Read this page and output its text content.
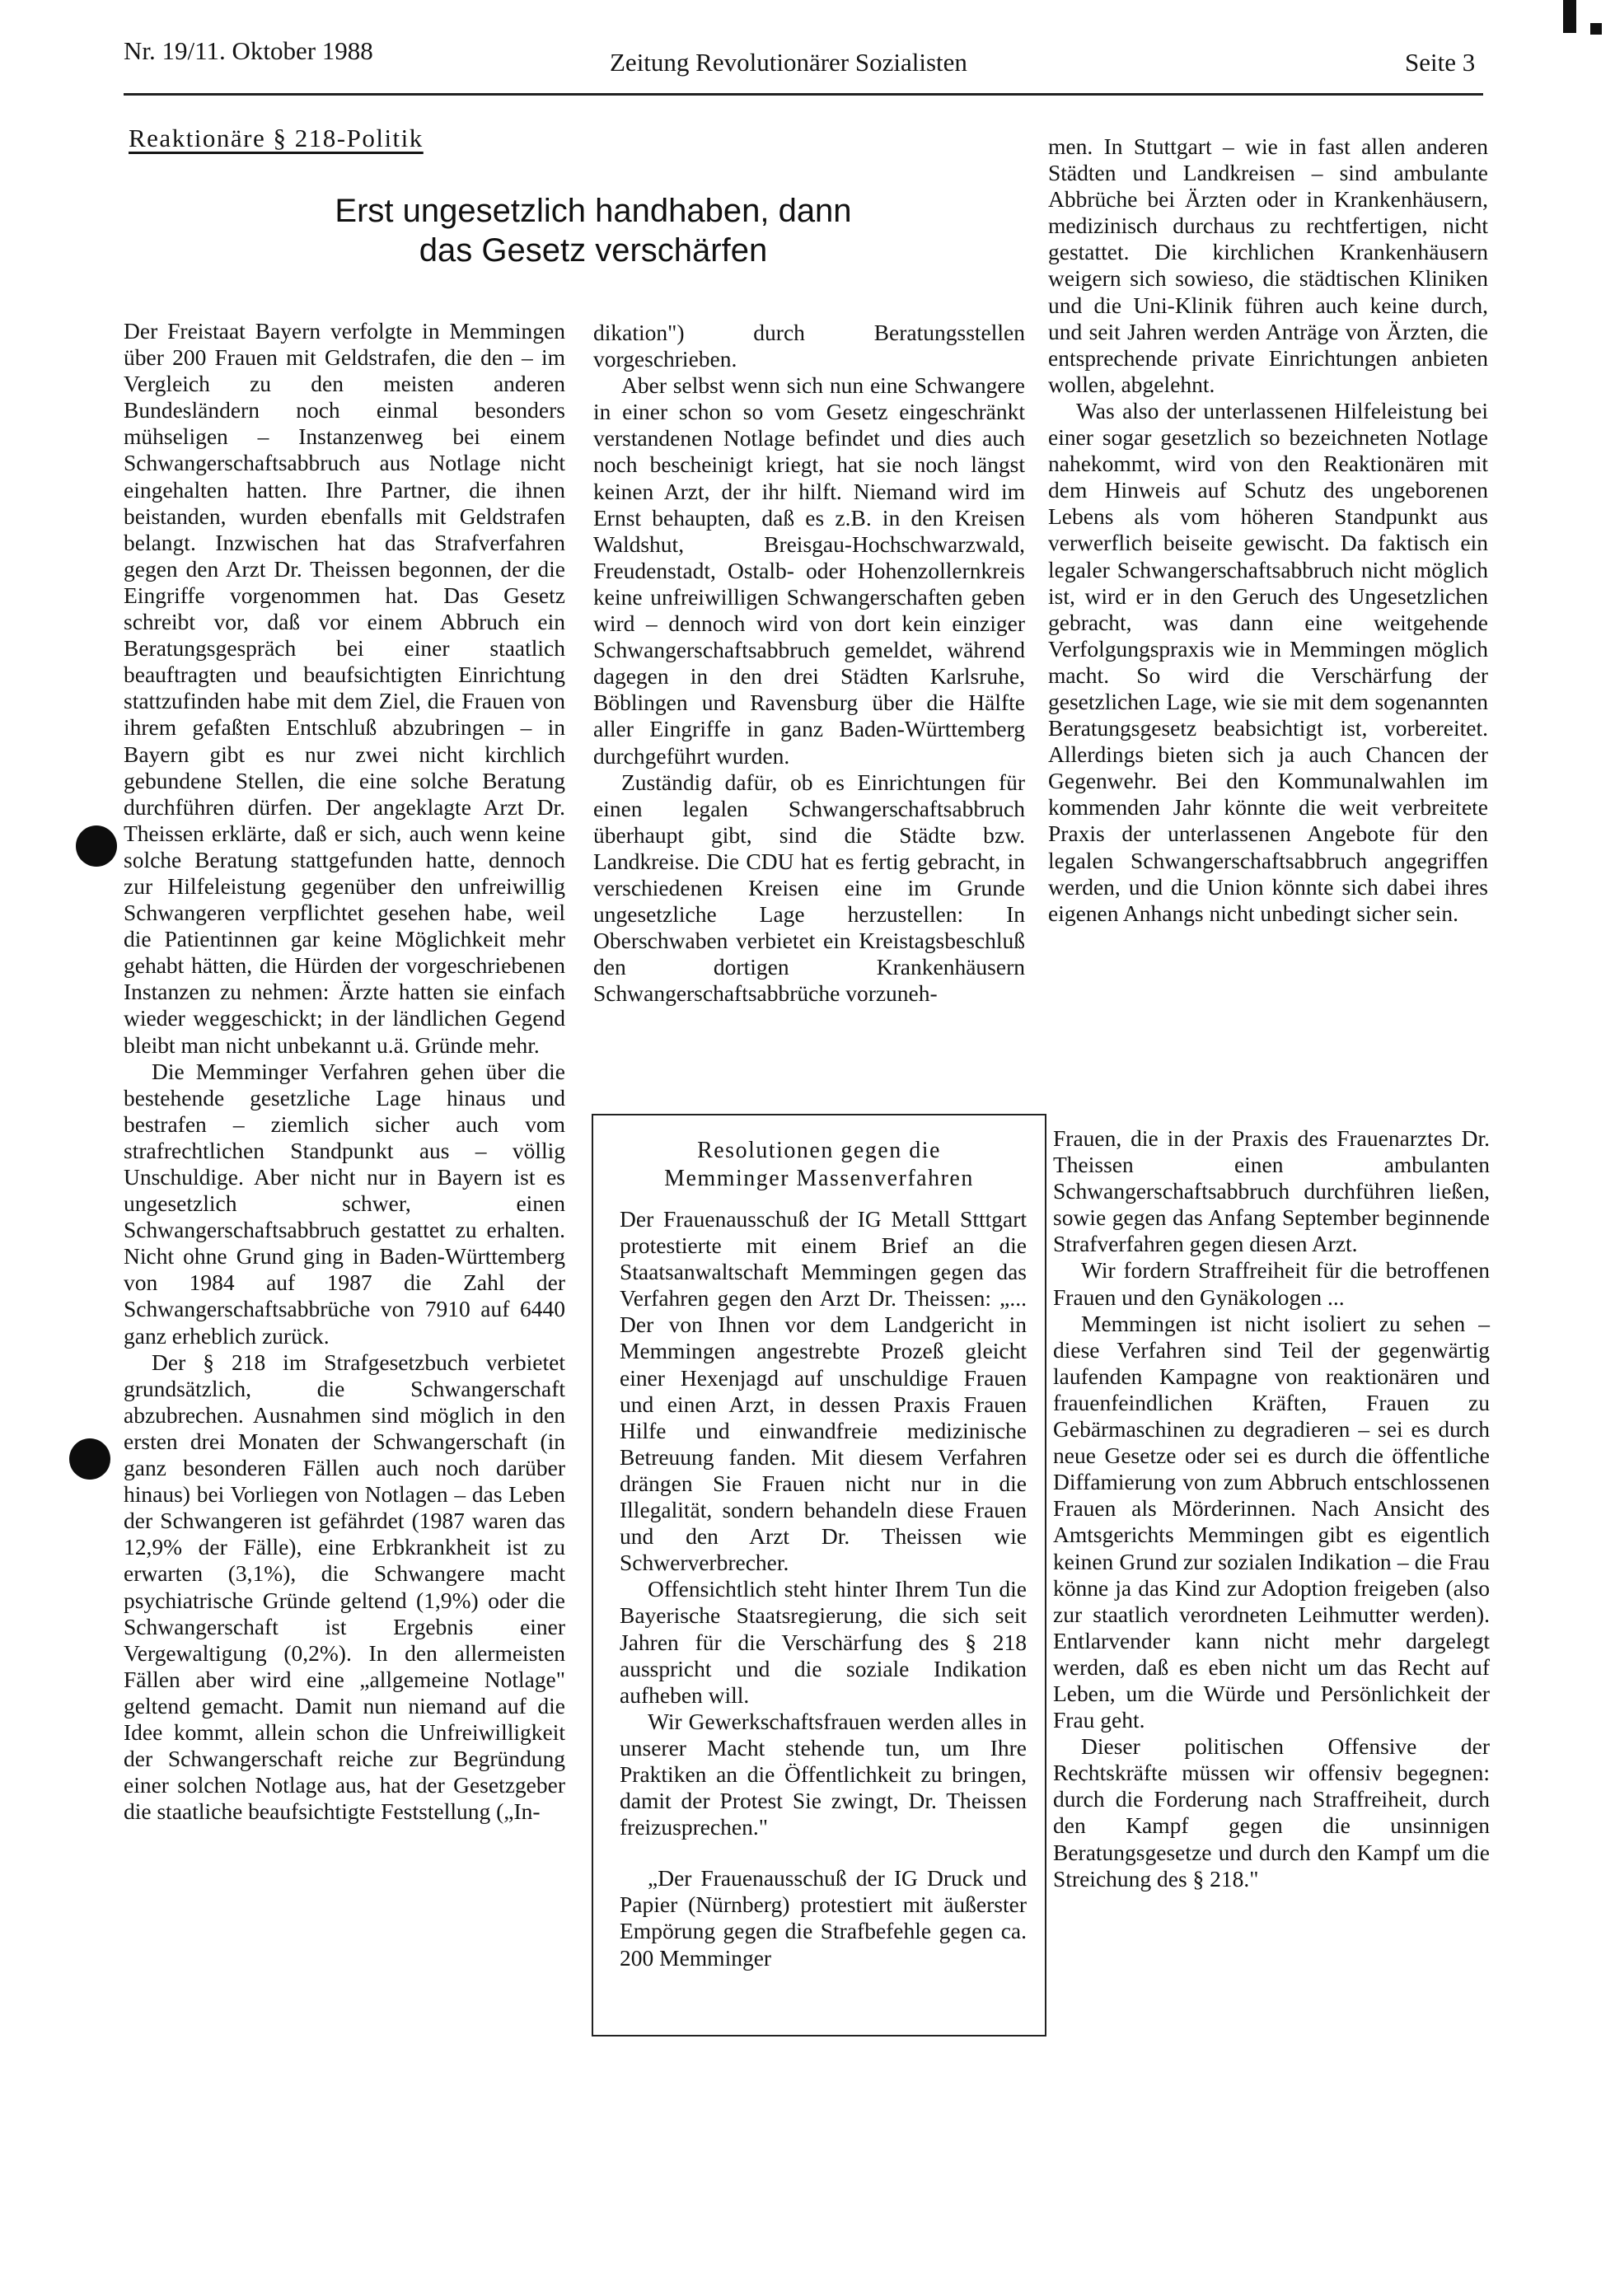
Nr. 19/11. Oktober 1988	Zeitung Revolutionärer Sozialisten	Seite 3
Reaktionäre § 218-Politik
Erst ungesetzlich handhaben, dann das Gesetz verschärfen

Der Freistaat Bayern verfolgte in Memmingen über 200 Frauen mit Geldstrafen, die den – im Vergleich zu den meisten anderen Bundesländern noch einmal besonders mühseligen – Instanzenweg bei einem Schwangerschaftsabbruch aus Notlage nicht eingehalten hatten. Ihre Partner, die ihnen beistanden, wurden ebenfalls mit Geldstrafen belangt. Inzwischen hat das Strafverfahren gegen den Arzt Dr. Theissen begonnen, der die Eingriffe vorgenommen hat. Das Gesetz schreibt vor, daß vor einem Abbruch ein Beratungsgespräch bei einer staatlich beauftragten und beaufsichtigten Einrichtung stattzufinden habe mit dem Ziel, die Frauen von ihrem gefaßten Entschluß abzubringen – in Bayern gibt es nur zwei nicht kirchlich gebundene Stellen, die eine solche Beratung durchführen dürfen. Der angeklagte Arzt Dr. Theissen erklärte, daß er sich, auch wenn keine solche Beratung stattgefunden hatte, dennoch zur Hilfeleistung gegenüber den unfreiwillig Schwangeren verpflichtet gesehen habe, weil die Patientinnen gar keine Möglichkeit mehr gehabt hätten, die Hürden der vorgeschriebenen Instanzen zu nehmen: Ärzte hatten sie einfach wieder weggeschickt; in der ländlichen Gegend bleibt man nicht unbekannt u.ä. Gründe mehr.

Die Memminger Verfahren gehen über die bestehende gesetzliche Lage hinaus und bestrafen – ziemlich sicher auch vom strafrechtlichen Standpunkt aus – völlig Unschuldige. Aber nicht nur in Bayern ist es ungesetzlich schwer, einen Schwangerschaftsabbruch gestattet zu erhalten. Nicht ohne Grund ging in Baden-Württemberg von 1984 auf 1987 die Zahl der Schwangerschaftsabbrüche von 7910 auf 6440 ganz erheblich zurück.

Der § 218 im Strafgesetzbuch verbietet grundsätzlich, die Schwangerschaft abzubrechen. Ausnahmen sind möglich in den ersten drei Monaten der Schwangerschaft (in ganz besonderen Fällen auch noch darüber hinaus) bei Vorliegen von Notlagen – das Leben der Schwangeren ist gefährdet (1987 waren das 12,9% der Fälle), eine Erbkrankheit ist zu erwarten (3,1%), die Schwangere macht psychiatrische Gründe geltend (1,9%) oder die Schwangerschaft ist Ergebnis einer Vergewaltigung (0,2%). In den allermeisten Fällen aber wird eine „allgemeine Notlage" geltend gemacht. Damit nun niemand auf die Idee kommt, allein schon die Unfreiwilligkeit der Schwangerschaft reiche zur Begründung einer solchen Notlage aus, hat der Gesetzgeber die staatliche beaufsichtigte Feststellung („In-

dikation") durch Beratungsstellen vorgeschrieben.

Aber selbst wenn sich nun eine Schwangere in einer schon so vom Gesetz eingeschränkt verstandenen Notlage befindet und dies auch noch bescheinigt kriegt, hat sie noch längst keinen Arzt, der ihr hilft. Niemand wird im Ernst behaupten, daß es z.B. in den Kreisen Waldshut, Breisgau-Hochschwarzwald, Freudenstadt, Ostalb- oder Hohenzollernkreis keine unfreiwilligen Schwangerschaften geben wird – dennoch wird von dort kein einziger Schwangerschaftsabbruch gemeldet, während dagegen in den drei Städten Karlsruhe, Böblingen und Ravensburg über die Hälfte aller Eingriffe in ganz Baden-Württemberg durchgeführt wurden.

Zuständig dafür, ob es Einrichtungen für einen legalen Schwangerschaftsabbruch überhaupt gibt, sind die Städte bzw. Landkreise. Die CDU hat es fertig gebracht, in verschiedenen Kreisen eine im Grunde ungesetzliche Lage herzustellen: In Oberschwaben verbietet ein Kreistagsbeschluß den dortigen Krankenhäusern Schwangerschaftsabbrüche vorzuneh-

men. In Stuttgart – wie in fast allen anderen Städten und Landkreisen – sind ambulante Abbrüche bei Ärzten oder in Krankenhäusern, medizinisch durchaus zu rechtfertigen, nicht gestattet. Die kirchlichen Krankenhäusern weigern sich sowieso, die städtischen Kliniken und die Uni-Klinik führen auch keine durch, und seit Jahren werden Anträge von Ärzten, die entsprechende private Einrichtungen anbieten wollen, abgelehnt.

Was also der unterlassenen Hilfeleistung bei einer sogar gesetzlich so bezeichneten Notlage nahekommt, wird von den Reaktionären mit dem Hinweis auf Schutz des ungeborenen Lebens als vom höheren Standpunkt aus verwerflich beiseite gewischt. Da faktisch ein legaler Schwangerschaftsabbruch nicht möglich ist, wird er in den Geruch des Ungesetzlichen gebracht, was dann eine weitgehende Verfolgungspraxis wie in Memmingen möglich macht. So wird die Verschärfung der gesetzlichen Lage, wie sie mit dem sogenannten Beratungsgesetz beabsichtigt ist, vorbereitet. Allerdings bieten sich ja auch Chancen der Gegenwehr. Bei den Kommunalwahlen im kommenden Jahr könnte die weit verbreitete Praxis der unterlassenen Angebote für den legalen Schwangerschaftsabbruch angegriffen werden, und die Union könnte sich dabei ihres eigenen Anhangs nicht unbedingt sicher sein.

Resolutionen gegen die
Memminger Massenverfahren

Der Frauenausschuß der IG Metall Stttgart protestierte mit einem Brief an die Staatsanwaltschaft Memmingen gegen das Verfahren gegen den Arzt Dr. Theissen: „... Der von Ihnen vor dem Landgericht in Memmingen angestrebte Prozeß gleicht einer Hexenjagd auf unschuldige Frauen und einen Arzt, in dessen Praxis Frauen Hilfe und einwandfreie medizinische Betreuung fanden. Mit diesem Verfahren drängen Sie Frauen nicht nur in die Illegalität, sondern behandeln diese Frauen und den Arzt Dr. Theissen wie Schwerverbrecher.

Offensichtlich steht hinter Ihrem Tun die Bayerische Staatsregierung, die sich seit Jahren für die Verschärfung des § 218 ausspricht und die soziale Indikation aufheben will.

Wir Gewerkschaftsfrauen werden alles in unserer Macht stehende tun, um Ihre Praktiken an die Öffentlichkeit zu bringen, damit der Protest Sie zwingt, Dr. Theissen freizusprechen."

„Der Frauenausschuß der IG Druck und Papier (Nürnberg) protestiert mit äußerster Empörung gegen die Strafbefehle gegen ca. 200 Memminger

Frauen, die in der Praxis des Frauenarztes Dr. Theissen einen ambulanten Schwangerschaftsabbruch durchführen ließen, sowie gegen das Anfang September beginnende Strafverfahren gegen diesen Arzt.

Wir fordern Straffreiheit für die betroffenen Frauen und den Gynäkologen ...

Memmingen ist nicht isoliert zu sehen – diese Verfahren sind Teil der gegenwärtig laufenden Kampagne von reaktionären und frauenfeindlichen Kräften, Frauen zu Gebärmaschinen zu degradieren – sei es durch neue Gesetze oder sei es durch die öffentliche Diffamierung von zum Abbruch entschlossenen Frauen als Mörderinnen. Nach Ansicht des Amtsgerichts Memmingen gibt es eigentlich keinen Grund zur sozialen Indikation – die Frau könne ja das Kind zur Adoption freigeben (also zur staatlich verordneten Leihmutter werden). Entlarvender kann nicht mehr dargelegt werden, daß es eben nicht um das Recht auf Leben, um die Würde und Persönlichkeit der Frau geht.

Dieser politischen Offensive der Rechtskräfte müssen wir offensiv begegnen: durch die Forderung nach Straffreiheit, durch den Kampf gegen die unsinnigen Beratungsgesetze und durch den Kampf um die Streichung des § 218."
